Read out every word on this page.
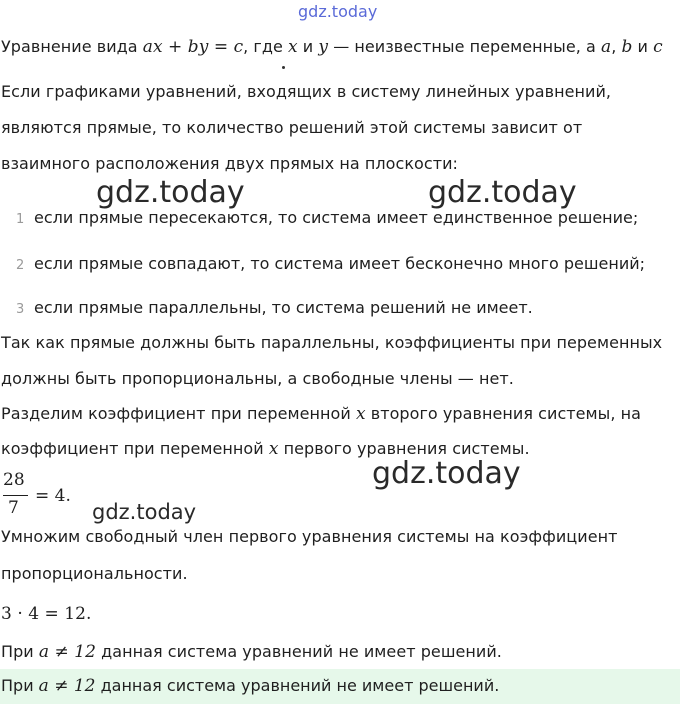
gdz.today
Уравнение вида ax + by = c, где x и y — неизвестные переменные, а a, b и c
Если графиками уравнений, входящих в систему линейных уравнений,
являются прямые, то количество решений этой системы зависит от
взаимного расположения двух прямых на плоскости:
gdz.today	gdz.today
1 если прямые пересекаются, то система имеет единственное решение;
2 если прямые совпадают, то система имеет бесконечно много решений;
3 если прямые параллельны, то система решений не имеет.
Так как прямые должны быть параллельны, коэффициенты при переменных
должны быть пропорциональны, а свободные члены — нет.
Разделим коэффициент при переменной x второго уравнения системы, на
коэффициент при переменной x первого уравнения системы.
gdz.today
28
7
= 4.
gdz.today
Умножим свободный член первого уравнения системы на коэффициент
пропорциональности.
3 · 4 = 12.
При a ≠ 12 данная система уравнений не имеет решений.
При a ≠ 12 данная система уравнений не имеет решений.
